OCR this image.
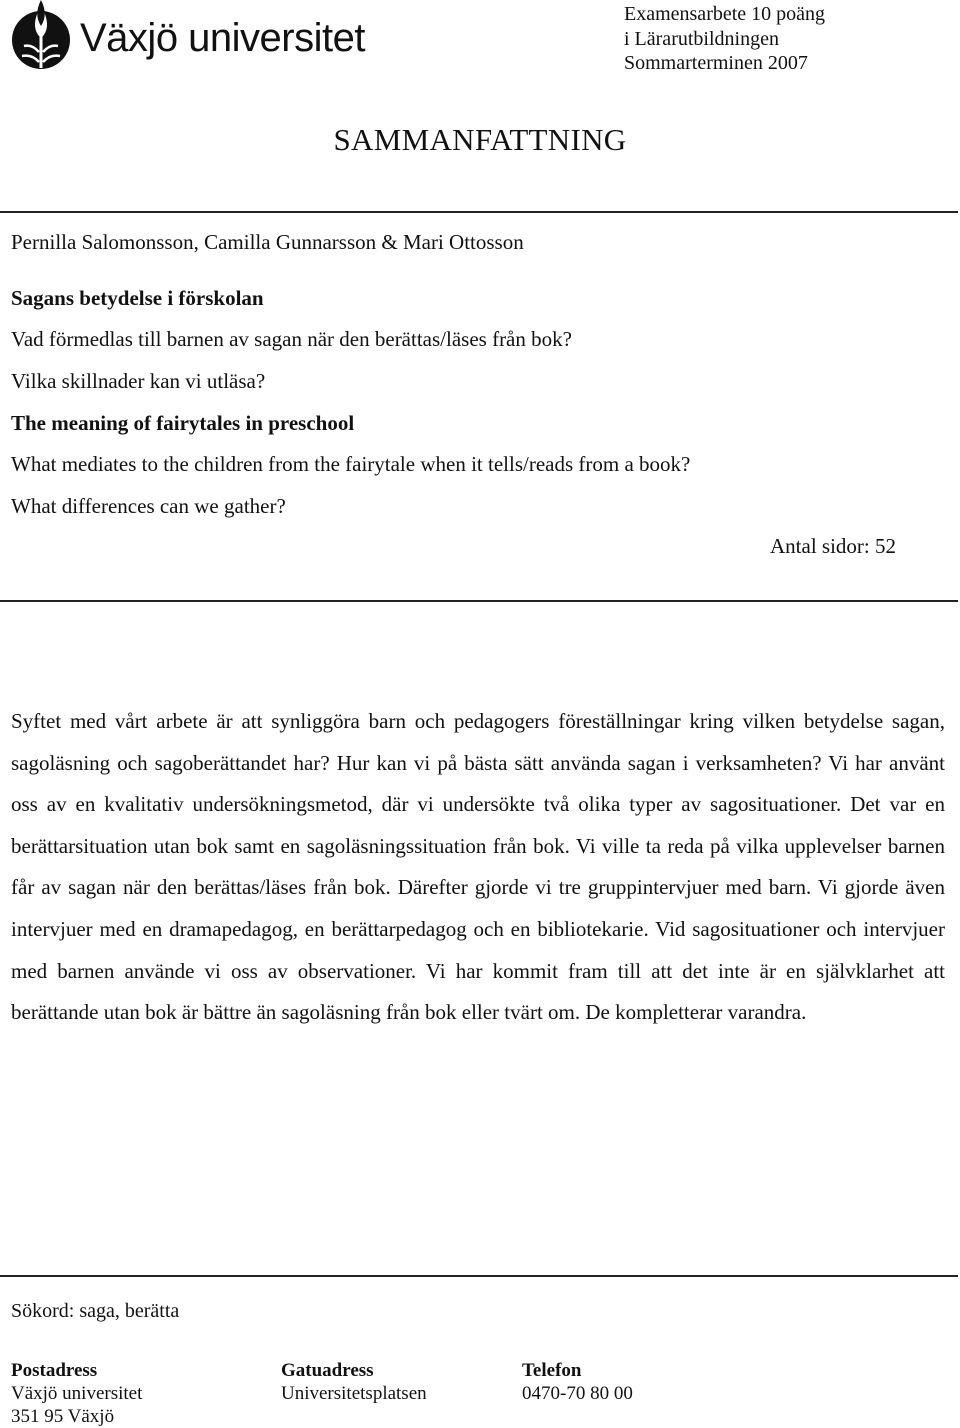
Växjö universitet
Examensarbete 10 poäng
i Lärarutbildningen
Sommarterminen 2007
SAMMANFATTNING
Pernilla Salomonsson, Camilla Gunnarsson & Mari Ottosson
Sagans betydelse i förskolan
Vad förmedlas till barnen av sagan när den berättas/läses från bok?
Vilka skillnader kan vi utläsa?
The meaning of fairytales in preschool
What mediates to the children from the fairytale when it tells/reads from a book?
What differences can we gather?
Antal sidor: 52
Syftet med vårt arbete är att synliggöra barn och pedagogers föreställningar kring vilken betydelse sagan, sagoläsning och sagoberättandet har? Hur kan vi på bästa sätt använda sagan i verksamheten? Vi har använt oss av en kvalitativ undersökningsmetod, där vi undersökte två olika typer av sagosituationer. Det var en berättarsituation utan bok samt en sagoläsningssituation från bok. Vi ville ta reda på vilka upplevelser barnen får av sagan när den berättas/läses från bok. Därefter gjorde vi tre gruppintervjuer med barn. Vi gjorde även intervjuer med en dramapedagog, en berättarpedagog och en bibliotekarie. Vid sagosituationer och intervjuer med barnen använde vi oss av observationer. Vi har kommit fram till att det inte är en självklarhet att berättande utan bok är bättre än sagoläsning från bok eller tvärt om. De kompletterar varandra.
Sökord: saga, berätta
Postadress
Växjö universitet
351 95 Växjö
Gatuadress
Universitetsplatsen
Telefon
0470-70 80 00
